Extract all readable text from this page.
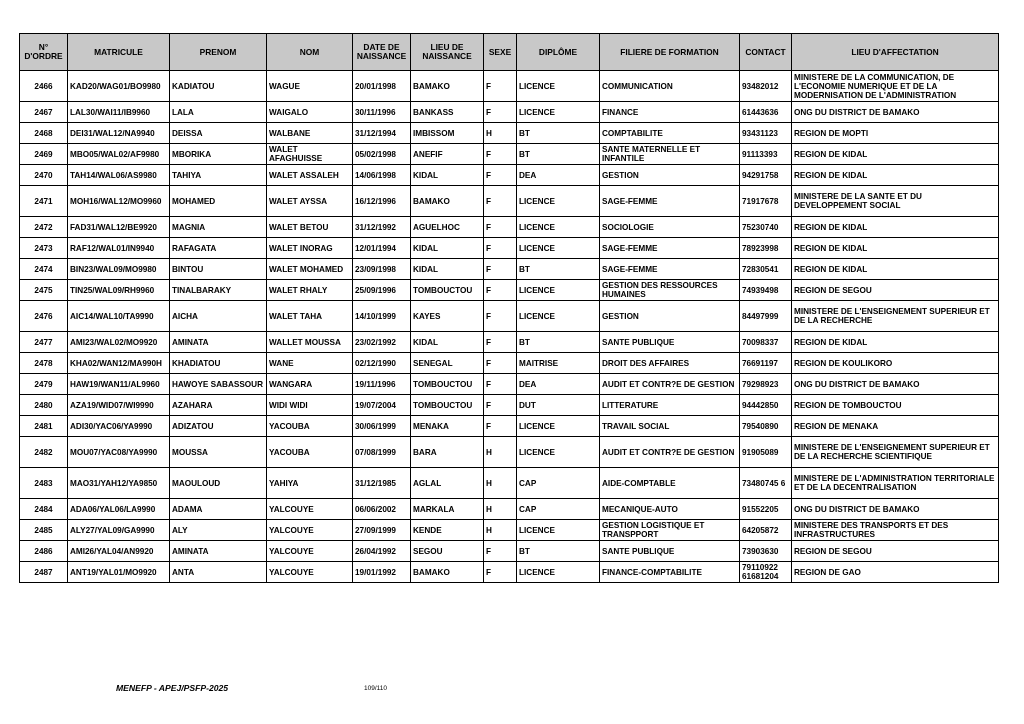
N° D'ORDRE	MATRICULE	PRENOM	NOM	DATE DE NAISSANCE	LIEU DE NAISSANCE	SEXE	DIPLÔME	FILIERE DE FORMATION	CONTACT	LIEU D'AFFECTATION
2466	KAD20/WAG01/BO9980	KADIATOU	WAGUE	20/01/1998	BAMAKO	F	LICENCE	COMMUNICATION	93482012	MINISTERE DE LA COMMUNICATION, DE L'ECONOMIE NUMERIQUE ET DE LA MODERNISATION DE L'ADMINISTRATION
2467	LAL30/WAI11/IB9960	LALA	WAIGALO	30/11/1996	BANKASS	F	LICENCE	FINANCE	61443636	ONG DU DISTRICT DE BAMAKO
2468	DEI31/WAL12/NA9940	DEISSA	WALBANE	31/12/1994	IMBISSOM	H	BT	COMPTABILITE	93431123	REGION DE MOPTI
2469	MBO05/WAL02/AF9980	MBORIKA	WALET AFAGHUISSE	05/02/1998	ANEFIF	F	BT	SANTE MATERNELLE ET INFANTILE	91113393	REGION DE KIDAL
2470	TAH14/WAL06/AS9980	TAHIYA	WALET ASSALEH	14/06/1998	KIDAL	F	DEA	GESTION	94291758	REGION DE KIDAL
2471	MOH16/WAL12/MO9960	MOHAMED	WALET AYSSA	16/12/1996	BAMAKO	F	LICENCE	SAGE-FEMME	71917678	MINISTERE DE LA SANTE ET DU DEVELOPPEMENT SOCIAL
2472	FAD31/WAL12/BE9920	MAGNIA	WALET BETOU	31/12/1992	AGUELHOC	F	LICENCE	SOCIOLOGIE	75230740	REGION DE KIDAL
2473	RAF12/WAL01/IN9940	RAFAGATA	WALET INORAG	12/01/1994	KIDAL	F	LICENCE	SAGE-FEMME	78923998	REGION DE KIDAL
2474	BIN23/WAL09/MO9980	BINTOU	WALET MOHAMED	23/09/1998	KIDAL	F	BT	SAGE-FEMME	72830541	REGION DE KIDAL
2475	TIN25/WAL09/RH9960	TINALBARAKY	WALET RHALY	25/09/1996	TOMBOUCTOU	F	LICENCE	GESTION DES RESSOURCES HUMAINES	74939498	REGION DE SEGOU
2476	AIC14/WAL10/TA9990	AICHA	WALET TAHA	14/10/1999	KAYES	F	LICENCE	GESTION	84497999	MINISTERE DE L'ENSEIGNEMENT SUPERIEUR ET DE LA RECHERCHE
2477	AMI23/WAL02/MO9920	AMINATA	WALLET MOUSSA	23/02/1992	KIDAL	F	BT	SANTE PUBLIQUE	70098337	REGION DE KIDAL
2478	KHA02/WAN12/MA990H	KHADIATOU	WANE	02/12/1990	SENEGAL	F	MAITRISE	DROIT DES AFFAIRES	76691197	REGION DE KOULIKORO
2479	HAW19/WAN11/AL9960	HAWOYE SABASSOUR	WANGARA	19/11/1996	TOMBOUCTOU	F	DEA	AUDIT ET CONTR?E DE GESTION	79298923	ONG DU DISTRICT DE BAMAKO
2480	AZA19/WID07/WI9990	AZAHARA	WIDI WIDI	19/07/2004	TOMBOUCTOU	F	DUT	LITTERATURE	94442850	REGION DE TOMBOUCTOU
2481	ADI30/YAC06/YA9990	ADIZATOU	YACOUBA	30/06/1999	MENAKA	F	LICENCE	TRAVAIL SOCIAL	79540890	REGION DE MENAKA
2482	MOU07/YAC08/YA9990	MOUSSA	YACOUBA	07/08/1999	BARA	H	LICENCE	AUDIT ET CONTR?E DE GESTION	91905089	MINISTERE DE L'ENSEIGNEMENT SUPERIEUR ET DE LA RECHERCHE SCIENTIFIQUE
2483	MAO31/YAH12/YA9850	MAOULOUD	YAHIYA	31/12/1985	AGLAL	H	CAP	AIDE-COMPTABLE	73480745 6	MINISTERE DE L'ADMINISTRATION TERRITORIALE ET DE LA DECENTRALISATION
2484	ADA06/YAL06/LA9990	ADAMA	YALCOUYE	06/06/2002	MARKALA	H	CAP	MECANIQUE-AUTO	91552205	ONG DU DISTRICT DE BAMAKO
2485	ALY27/YAL09/GA9990	ALY	YALCOUYE	27/09/1999	KENDE	H	LICENCE	GESTION LOGISTIQUE ET TRANSPPORT	64205872	MINISTERE DES TRANSPORTS ET DES INFRASTRUCTURES
2486	AMI26/YAL04/AN9920	AMINATA	YALCOUYE	26/04/1992	SEGOU	F	BT	SANTE PUBLIQUE	73903630	REGION DE SEGOU
2487	ANT19/YAL01/MO9920	ANTA	YALCOUYE	19/01/1992	BAMAKO	F	LICENCE	FINANCE-COMPTABILITE	79110922 61681204	REGION DE GAO
MENEFP - APEJ/PSFP-2025	109/110
